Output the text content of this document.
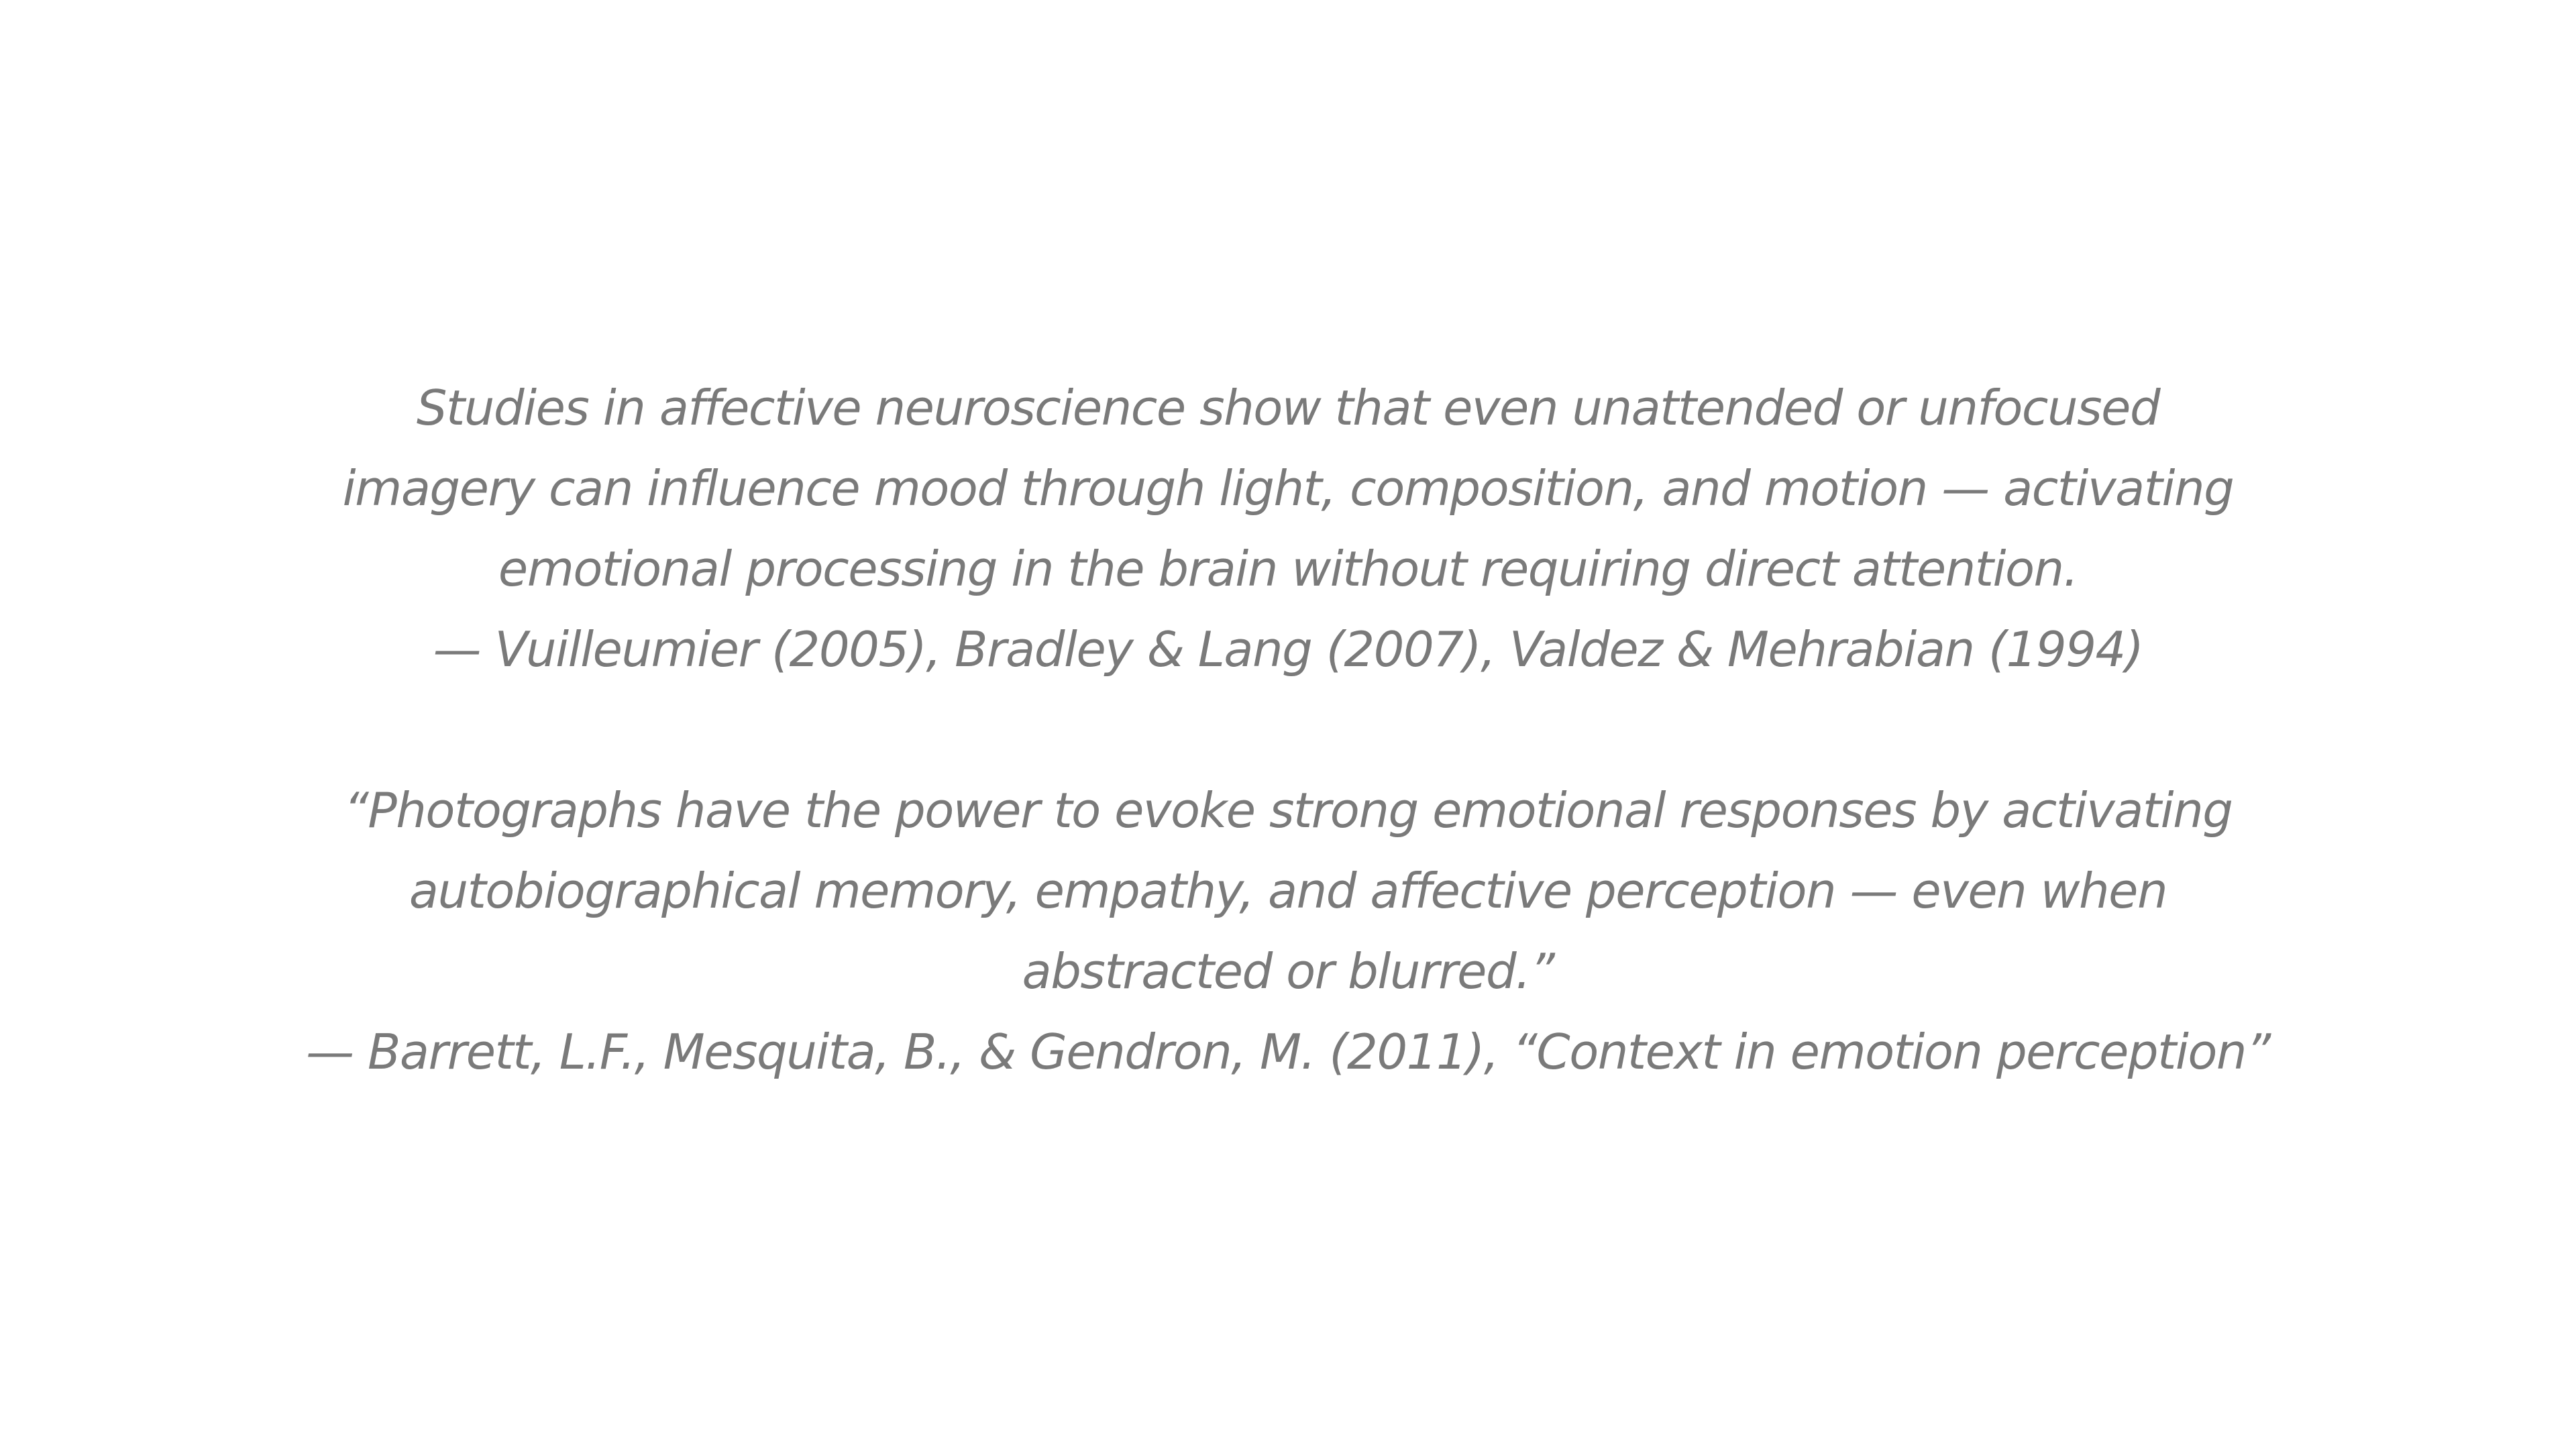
Studies in affective neuroscience show that even unattended or unfocused
imagery can influence mood through light, composition, and motion — activating
emotional processing in the brain without requiring direct attention.
— Vuilleumier (2005), Bradley & Lang (2007), Valdez & Mehrabian (1994)
“Photographs have the power to evoke strong emotional responses by activating
autobiographical memory, empathy, and affective perception — even when
abstracted or blurred.”
— Barrett, L.F., Mesquita, B., & Gendron, M. (2011), “Context in emotion perception”
